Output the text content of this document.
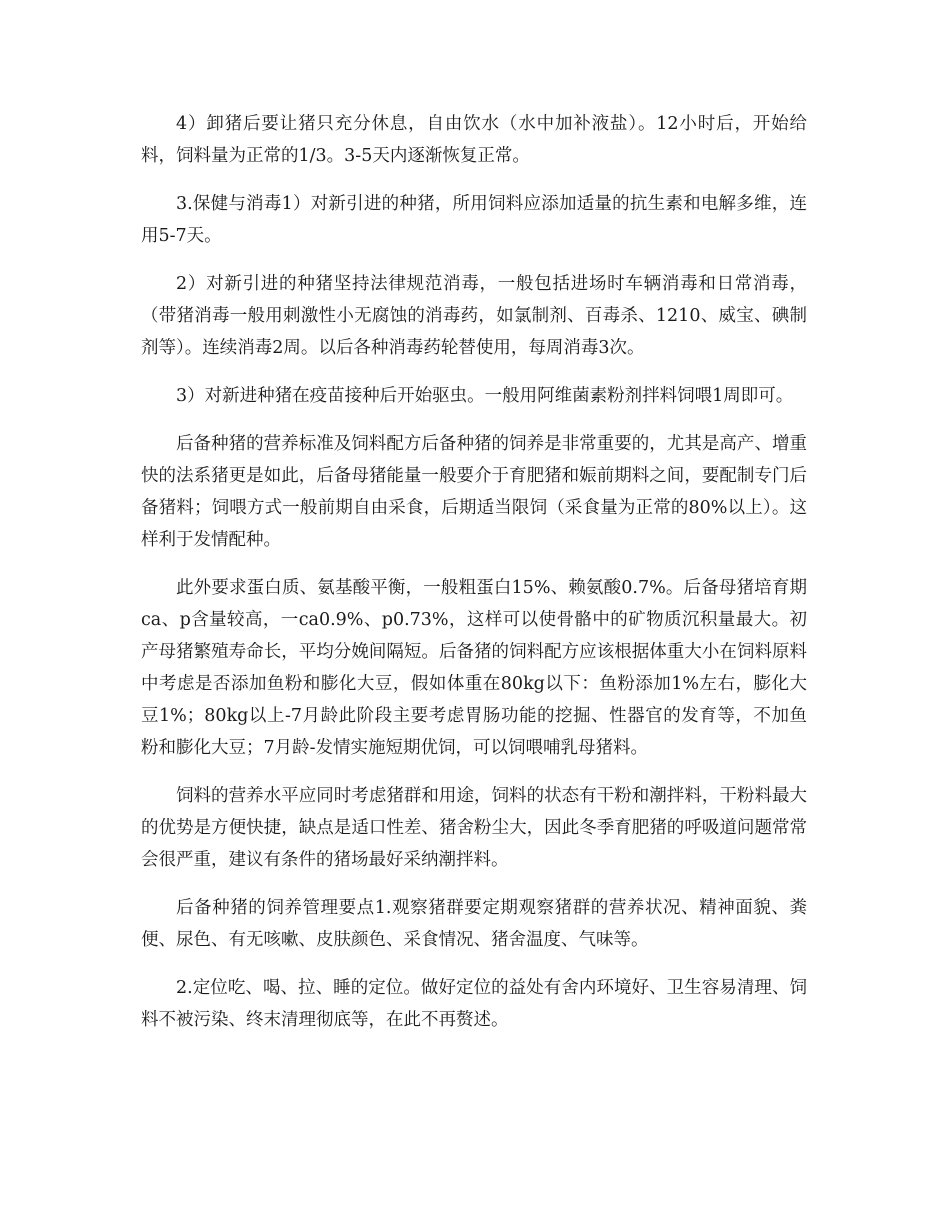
4）卸猪后要让猪只充分休息，自由饮水（水中加补液盐）。12小时后，开始给料，饲料量为正常的1/3。3-5天内逐渐恢复正常。

3.保健与消毒1）对新引进的种猪，所用饲料应添加适量的抗生素和电解多维，连用5-7天。

2）对新引进的种猪坚持法律规范消毒，一般包括进场时车辆消毒和日常消毒，（带猪消毒一般用刺激性小无腐蚀的消毒药，如氯制剂、百毒杀、1210、威宝、碘制剂等）。连续消毒2周。以后各种消毒药轮替使用，每周消毒3次。

3）对新进种猪在疫苗接种后开始驱虫。一般用阿维菌素粉剂拌料饲喂1周即可。

后备种猪的营养标准及饲料配方后备种猪的饲养是非常重要的，尤其是高产、增重快的法系猪更是如此，后备母猪能量一般要介于育肥猪和娠前期料之间，要配制专门后备猪料；饲喂方式一般前期自由采食，后期适当限饲（采食量为正常的80%以上）。这样利于发情配种。

此外要求蛋白质、氨基酸平衡，一般粗蛋白15%、赖氨酸0.7%。后备母猪培育期ca、p含量较高，一ca0.9%、p0.73%，这样可以使骨骼中的矿物质沉积量最大。初产母猪繁殖寿命长，平均分娩间隔短。后备猪的饲料配方应该根据体重大小在饲料原料中考虑是否添加鱼粉和膨化大豆，假如体重在80kg以下：鱼粉添加1%左右，膨化大豆1%；80kg以上-7月龄此阶段主要考虑胃肠功能的挖掘、性器官的发育等，不加鱼粉和膨化大豆；7月龄-发情实施短期优饲，可以饲喂哺乳母猪料。

饲料的营养水平应同时考虑猪群和用途，饲料的状态有干粉和潮拌料，干粉料最大的优势是方便快捷，缺点是适口性差、猪舍粉尘大，因此冬季育肥猪的呼吸道问题常常会很严重，建议有条件的猪场最好采纳潮拌料。

后备种猪的饲养管理要点1.观察猪群要定期观察猪群的营养状况、精神面貌、粪便、尿色、有无咳嗽、皮肤颜色、采食情况、猪舍温度、气味等。

2.定位吃、喝、拉、睡的定位。做好定位的益处有舍内环境好、卫生容易清理、饲料不被污染、终末清理彻底等，在此不再赘述。
